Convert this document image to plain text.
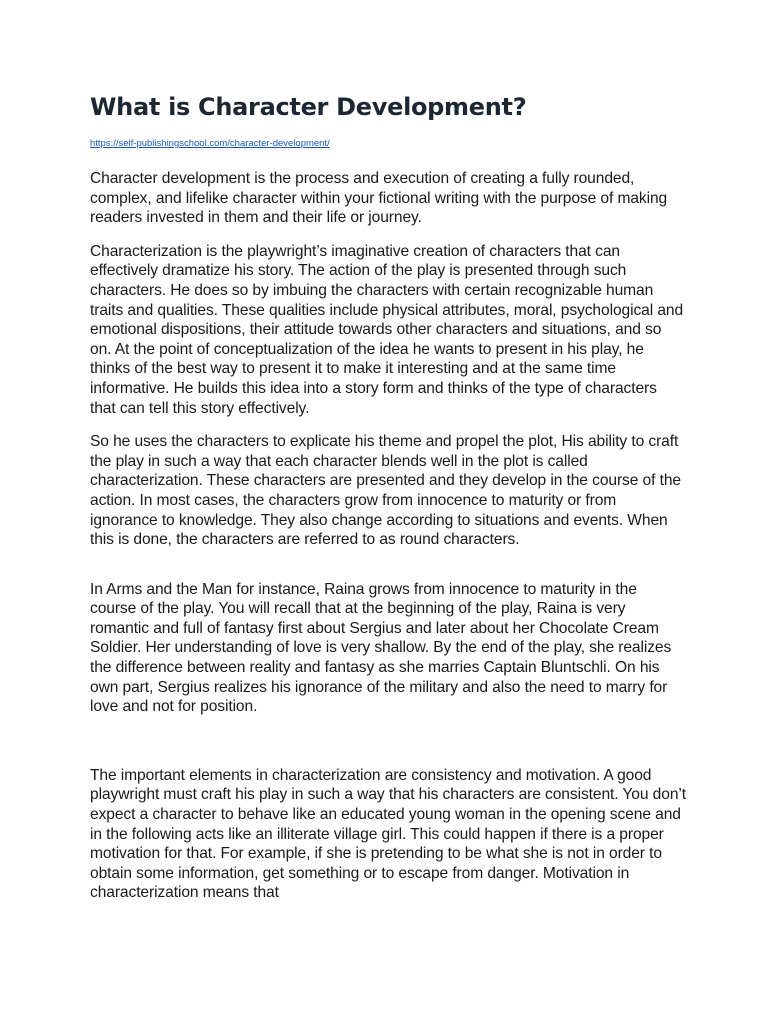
What is Character Development?
https://self-publishingschool.com/character-development/

Character development is the process and execution of creating a fully rounded, complex, and lifelike character within your fictional writing with the purpose of making readers invested in them and their life or journey.

Characterization is the playwright’s imaginative creation of characters that can effectively dramatize his story. The action of the play is presented through such characters. He does so by imbuing the characters with certain recognizable human traits and qualities. These qualities include physical attributes, moral, psychological and emotional dispositions, their attitude towards other characters and situations, and so on. At the point of conceptualization of the idea he wants to present in his play, he thinks of the best way to present it to make it interesting and at the same time informative. He builds this idea into a story form and thinks of the type of characters that can tell this story effectively.

So he uses the characters to explicate his theme and propel the plot, His ability to craft the play in such a way that each character blends well in the plot is called characterization. These characters are presented and they develop in the course of the action. In most cases, the characters grow from innocence to maturity or from ignorance to knowledge. They also change according to situations and events. When this is done, the characters are referred to as round characters.

In Arms and the Man for instance, Raina grows from innocence to maturity in the course of the play. You will recall that at the beginning of the play, Raina is very romantic and full of fantasy first about Sergius and later about her Chocolate Cream Soldier. Her understanding of love is very shallow. By the end of the play, she realizes the difference between reality and fantasy as she marries Captain Bluntschli. On his own part, Sergius realizes his ignorance of the military and also the need to marry for love and not for position.

The important elements in characterization are consistency and motivation. A good playwright must craft his play in such a way that his characters are consistent. You don’t expect a character to behave like an educated young woman in the opening scene and in the following acts like an illiterate village girl. This could happen if there is a proper motivation for that. For example, if she is pretending to be what she is not in order to obtain some information, get something or to escape from danger. Motivation in characterization means that
